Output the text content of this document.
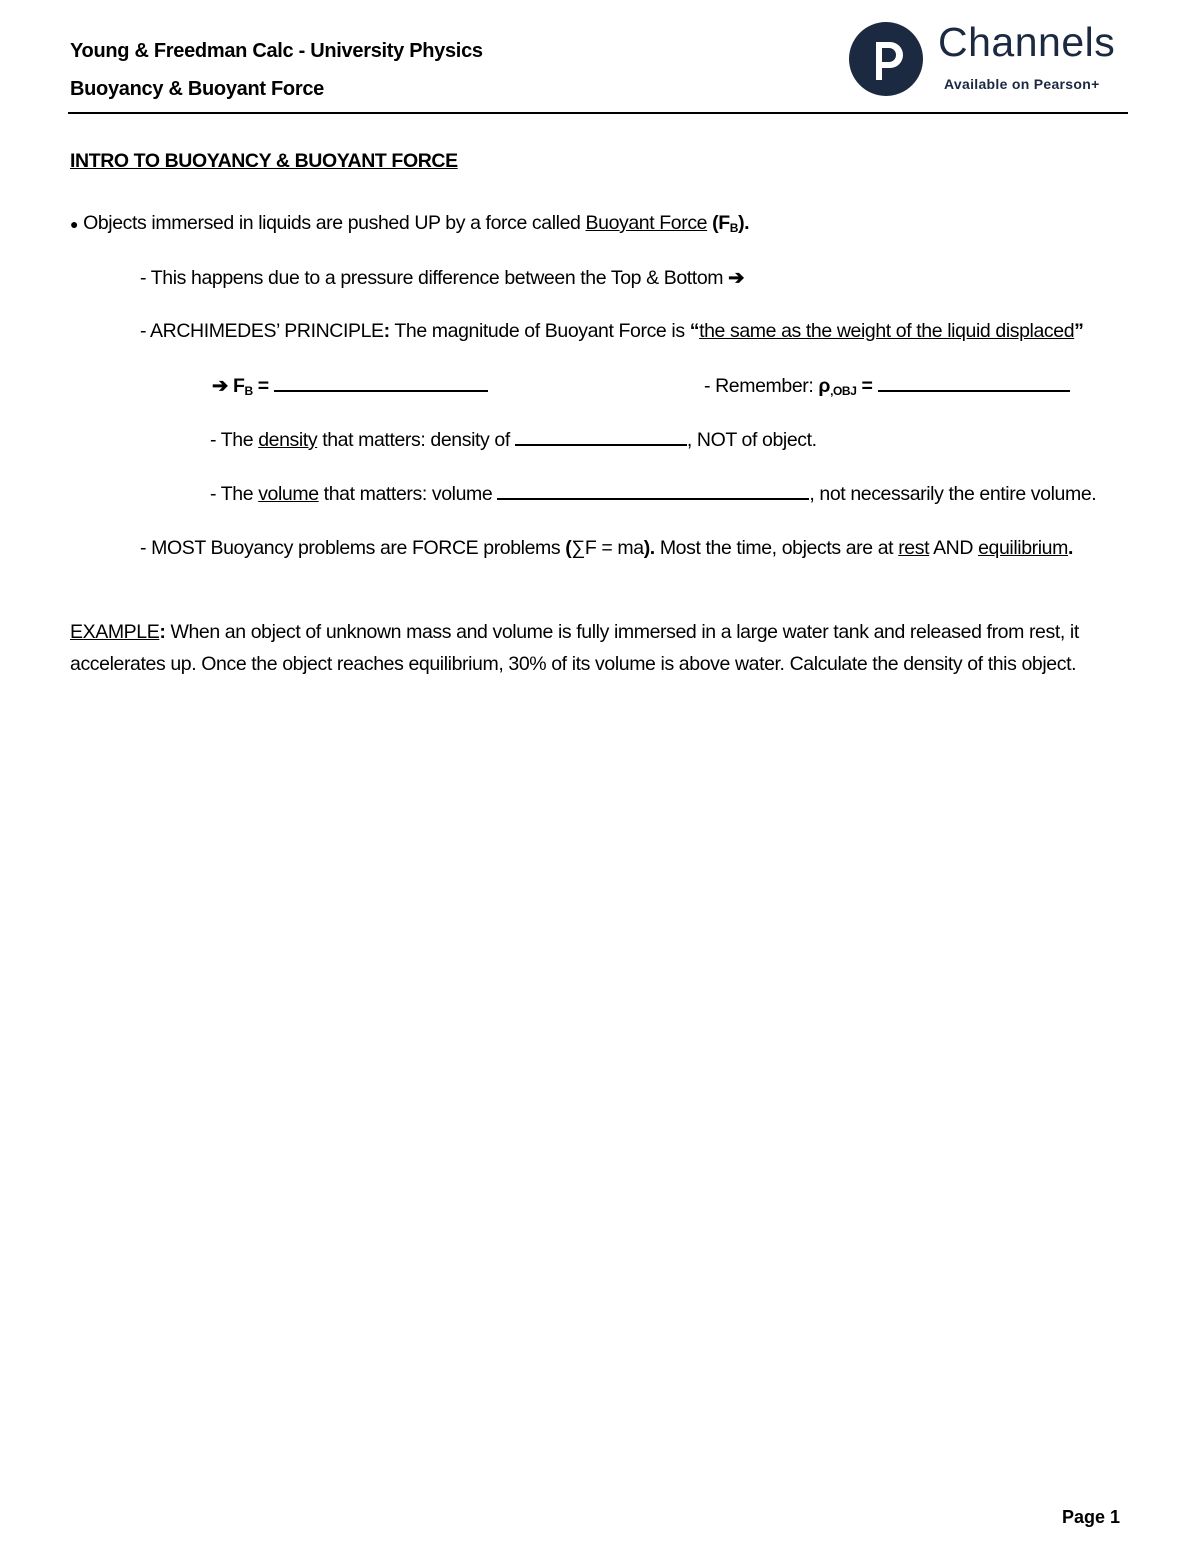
Young & Freedman Calc - University Physics
Buoyancy & Buoyant Force
Channels
Available on Pearson+
INTRO TO BUOYANCY & BUOYANT FORCE
● Objects immersed in liquids are pushed UP by a force called Buoyant Force $(F_B)$.
- This happens due to a pressure difference between the Top & Bottom ➔
- ARCHIMEDES’ PRINCIPLE: The magnitude of Buoyant Force is “the same as the weight of the liquid displaced”
➔ $F_B$ =	- Remember: $\rho_{,OBJ}$ =
- The density that matters: density of	, NOT of object.
- The volume that matters: volume	, not necessarily the entire volume.
- MOST Buoyancy problems are FORCE problems (∑F = ma). Most the time, objects are at rest AND equilibrium.
EXAMPLE: When an object of unknown mass and volume is fully immersed in a large water tank and released from rest, it accelerates up. Once the object reaches equilibrium, 30% of its volume is above water. Calculate the density of this object.
Page 1
